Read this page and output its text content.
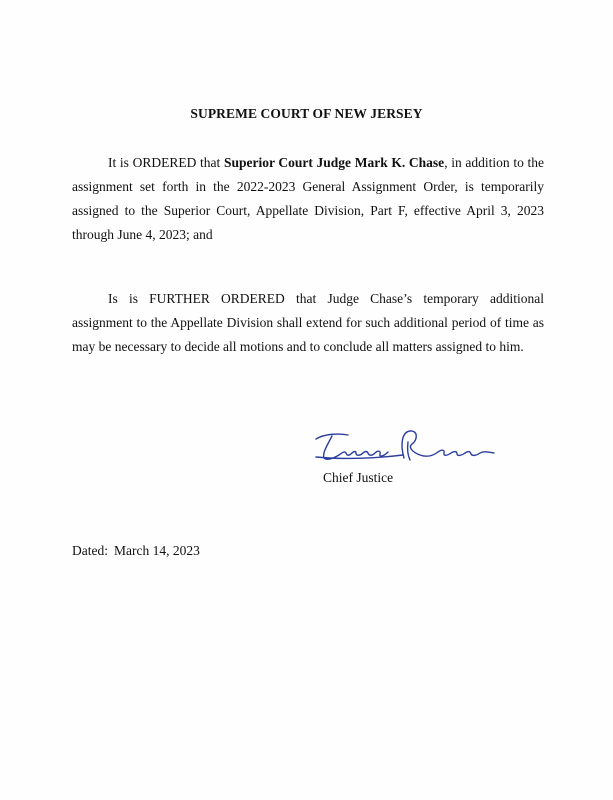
SUPREME COURT OF NEW JERSEY

It is ORDERED that Superior Court Judge Mark K. Chase, in addition to the assignment set forth in the 2022-2023 General Assignment Order, is temporarily assigned to the Superior Court, Appellate Division, Part F, effective April 3, 2023 through June 4, 2023; and

Is is FURTHER ORDERED that Judge Chase’s temporary additional assignment to the Appellate Division shall extend for such additional period of time as may be necessary to decide all motions and to conclude all matters assigned to him.

Chief Justice
Dated: March 14, 2023
